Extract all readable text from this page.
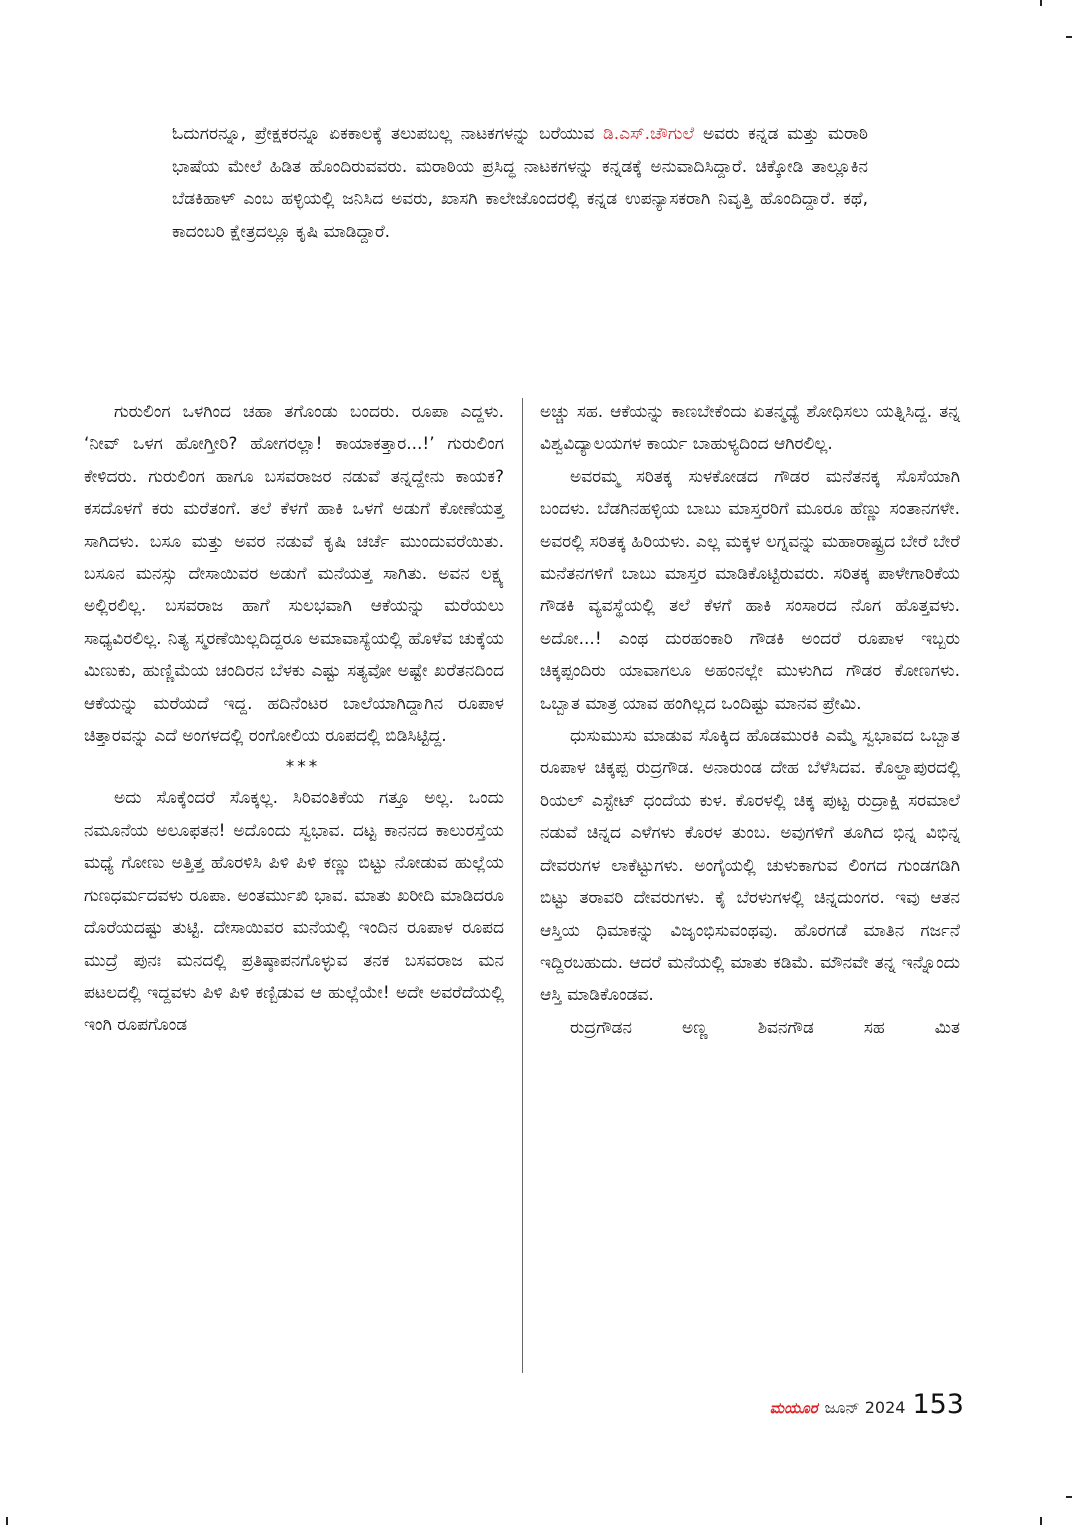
ಓದುಗರನ್ನೂ, ಪ್ರೇಕ್ಷಕರನ್ನೂ ಏಕಕಾಲಕ್ಕೆ ತಲುಪಬಲ್ಲ ನಾಟಕಗಳನ್ನು ಬರೆಯುವ ಡಿ.ಎಸ್.ಚೌಗುಲೆ ಅವರು ಕನ್ನಡ ಮತ್ತು ಮರಾಠಿ ಭಾಷೆಯ ಮೇಲೆ ಹಿಡಿತ ಹೊಂದಿರುವವರು. ಮರಾಠಿಯ ಪ್ರಸಿದ್ಧ ನಾಟಕಗಳನ್ನು ಕನ್ನಡಕ್ಕೆ ಅನುವಾದಿಸಿದ್ದಾರೆ. ಚಿಕ್ಕೋಡಿ ತಾಲ್ಲೂಕಿನ ಬೆಡಕಿಹಾಳ್ ಎಂಬ ಹಳ್ಳಿಯಲ್ಲಿ ಜನಿಸಿದ ಅವರು, ಖಾಸಗಿ ಕಾಲೇಜೊಂದರಲ್ಲಿ ಕನ್ನಡ ಉಪನ್ಯಾಸಕರಾಗಿ ನಿವೃತ್ತಿ ಹೊಂದಿದ್ದಾರೆ. ಕಥೆ, ಕಾದಂಬರಿ ಕ್ಷೇತ್ರದಲ್ಲೂ ಕೃಷಿ ಮಾಡಿದ್ದಾರೆ.

ಗುರುಲಿಂಗ ಒಳಗಿಂದ ಚಹಾ ತಗೊಂಡು ಬಂದರು. ರೂಪಾ ಎದ್ದಳು. ‘ನೀವ್ ಒಳಗ ಹೋಗ್ತೀರಿ? ಹೋಗರಲ್ಲಾ! ಕಾಯಾಕತ್ತಾರ...!’ ಗುರುಲಿಂಗ ಕೇಳಿದರು. ಗುರುಲಿಂಗ ಹಾಗೂ ಬಸವರಾಜರ ನಡುವೆ ತನ್ನದ್ದೇನು ಕಾಯಕ? ಕಸದೊಳಗೆ ಕರು ಮರೆತಂಗೆ. ತಲೆ ಕೆಳಗೆ ಹಾಕಿ ಒಳಗೆ ಅಡುಗೆ ಕೋಣೆಯತ್ತ ಸಾಗಿದಳು. ಬಸೂ ಮತ್ತು ಅವರ ನಡುವೆ ಕೃಷಿ ಚರ್ಚೆ ಮುಂದುವರೆಯಿತು. ಬಸೂನ ಮನಸ್ಸು ದೇಸಾಯಿವರ ಅಡುಗೆ ಮನೆಯತ್ತ ಸಾಗಿತು. ಅವನ ಲಕ್ಷ್ಯ ಅಲ್ಲಿರಲಿಲ್ಲ. ಬಸವರಾಜ ಹಾಗೆ ಸುಲಭವಾಗಿ ಆಕೆಯನ್ನು ಮರೆಯಲು ಸಾಧ್ಯವಿರಲಿಲ್ಲ. ನಿತ್ಯ ಸ್ಮರಣೆಯಿಲ್ಲದಿದ್ದರೂ ಅಮಾವಾಸ್ಯೆಯಲ್ಲಿ ಹೊಳೆವ ಚುಕ್ಕೆಯ ಮಿಣುಕು, ಹುಣ್ಣಿಮೆಯ ಚಂದಿರನ ಬೆಳಕು ಎಷ್ಟು ಸತ್ಯವೋ ಅಷ್ಟೇ ಖರೆತನದಿಂದ ಆಕೆಯನ್ನು ಮರೆಯದೆ ಇದ್ದ. ಹದಿನೆಂಟರ ಬಾಲೆಯಾಗಿದ್ದಾಗಿನ ರೂಪಾಳ ಚಿತ್ತಾರವನ್ನು ಎದೆ ಅಂಗಳದಲ್ಲಿ ರಂಗೋಲಿಯ ರೂಪದಲ್ಲಿ ಬಿಡಿಸಿಟ್ಟಿದ್ದ.

***

ಅದು ಸೊಕ್ಕೆಂದರೆ ಸೊಕ್ಕಲ್ಲ. ಸಿರಿವಂತಿಕೆಯ ಗತ್ತೂ ಅಲ್ಲ. ಒಂದು ನಮೂನೆಯ ಅಲೂಫತನ! ಅದೊಂದು ಸ್ವಭಾವ. ದಟ್ಟ ಕಾನನದ ಕಾಲುರಸ್ತೆಯ ಮಧ್ಯೆ ಗೋಣು ಅತ್ತಿತ್ತ ಹೊರಳಿಸಿ ಪಿಳಿ ಪಿಳಿ ಕಣ್ಣು ಬಿಟ್ಟು ನೋಡುವ ಹುಲ್ಲೆಯ ಗುಣಧರ್ಮದವಳು ರೂಪಾ. ಅಂತರ್ಮುಖಿ ಭಾವ. ಮಾತು ಖರೀದಿ ಮಾಡಿದರೂ ದೊರೆಯದಷ್ಟು ತುಟ್ಟಿ. ದೇಸಾಯಿವರ ಮನೆಯಲ್ಲಿ ಇಂದಿನ ರೂಪಾಳ ರೂಪದ ಮುದ್ರೆ ಪುನಃ ಮನದಲ್ಲಿ ಪ್ರತಿಷ್ಠಾಪನಗೊಳ್ಳುವ ತನಕ ಬಸವರಾಜ ಮನ ಪಟಲದಲ್ಲಿ ಇದ್ದವಳು ಪಿಳಿ ಪಿಳಿ ಕಣ್ಬಿಡುವ ಆ ಹುಲ್ಲೆಯೇ! ಅದೇ ಅವರೆದೆಯಲ್ಲಿ ಇಂಗಿ ರೂಪಗೊಂಡ

ಅಚ್ಚು ಸಹ. ಆಕೆಯನ್ನು ಕಾಣಬೇಕೆಂದು ಏತನ್ಮಧ್ಯೆ ಶೋಧಿಸಲು ಯತ್ನಿಸಿದ್ದ. ತನ್ನ ವಿಶ್ವವಿದ್ಯಾಲಯಗಳ ಕಾರ್ಯ ಬಾಹುಳ್ಯದಿಂದ ಆಗಿರಲಿಲ್ಲ.

ಅವರಮ್ಮ ಸರಿತಕ್ಕ ಸುಳಕೋಡದ ಗೌಡರ ಮನೆತನಕ್ಕ ಸೊಸೆಯಾಗಿ ಬಂದಳು. ಬೆಡಗಿನಹಳ್ಳಿಯ ಬಾಬು ಮಾಸ್ತರರಿಗೆ ಮೂರೂ ಹೆಣ್ಣು ಸಂತಾನಗಳೇ. ಅವರಲ್ಲಿ ಸರಿತಕ್ಕ ಹಿರಿಯಳು. ಎಲ್ಲ ಮಕ್ಕಳ ಲಗ್ನವನ್ನು ಮಹಾರಾಷ್ಟ್ರದ ಬೇರೆ ಬೇರೆ ಮನೆತನಗಳಿಗೆ ಬಾಬು ಮಾಸ್ತರ ಮಾಡಿಕೊಟ್ಟಿರುವರು. ಸರಿತಕ್ಕ ಪಾಳೇಗಾರಿಕೆಯ ಗೌಡಕಿ ವ್ಯವಸ್ಥೆಯಲ್ಲಿ ತಲೆ ಕೆಳಗೆ ಹಾಕಿ ಸಂಸಾರದ ನೊಗ ಹೊತ್ತವಳು. ಅದೋ...! ಎಂಥ ದುರಹಂಕಾರಿ ಗೌಡಕಿ ಅಂದರೆ ರೂಪಾಳ ಇಬ್ಬರು ಚಿಕ್ಕಪ್ಪಂದಿರು ಯಾವಾಗಲೂ ಅಹಂನಲ್ಲೇ ಮುಳುಗಿದ ಗೌಡರ ಕೋಣಗಳು. ಒಬ್ಬಾತ ಮಾತ್ರ ಯಾವ ಹಂಗಿಲ್ಲದ ಒಂದಿಷ್ಟು ಮಾನವ ಪ್ರೇಮಿ.

ಧುಸುಮುಸು ಮಾಡುವ ಸೊಕ್ಕಿದ ಹೊಡಮುರಕಿ ಎಮ್ಮೆ ಸ್ವಭಾವದ ಒಬ್ಬಾತ ರೂಪಾಳ ಚಿಕ್ಕಪ್ಪ ರುದ್ರಗೌಡ. ಅನಾರುಂಡ ದೇಹ ಬೆಳೆಸಿದವ. ಕೊಲ್ಹಾಪುರದಲ್ಲಿ ರಿಯಲ್ ಎಸ್ಟೇಟ್ ಧಂದೆಯ ಕುಳ. ಕೊರಳಲ್ಲಿ ಚಿಕ್ಕ ಪುಟ್ಟ ರುದ್ರಾಕ್ಷಿ ಸರಮಾಲೆ ನಡುವೆ ಚಿನ್ನದ ಎಳೆಗಳು ಕೊರಳ ತುಂಬ. ಅವುಗಳಿಗೆ ತೂಗಿದ ಭಿನ್ನ ವಿಭಿನ್ನ ದೇವರುಗಳ ಲಾಕೆಟ್ಟುಗಳು. ಅಂಗೈಯಲ್ಲಿ ಚುಳುಕಾಗುವ ಲಿಂಗದ ಗುಂಡಗಡಿಗಿ ಬಿಟ್ಟು ತರಾವರಿ ದೇವರುಗಳು. ಕೈ ಬೆರಳುಗಳಲ್ಲಿ ಚಿನ್ನದುಂಗರ. ಇವು ಆತನ ಆಸ್ತಿಯ ಧಿಮಾಕನ್ನು ವಿಜೃಂಭಿಸುವಂಥವು. ಹೊರಗಡೆ ಮಾತಿನ ಗರ್ಜನೆ ಇದ್ದಿರಬಹುದು. ಆದರೆ ಮನೆಯಲ್ಲಿ ಮಾತು ಕಡಿಮೆ. ಮೌನವೇ ತನ್ನ ಇನ್ನೊಂದು ಆಸ್ತಿ ಮಾಡಿಕೊಂಡವ.

ರುದ್ರಗೌಡನ ಅಣ್ಣ ಶಿವನಗೌಡ ಸಹ ಮಿತ

ಮಯೂರ ಜೂನ್ 2024 153
